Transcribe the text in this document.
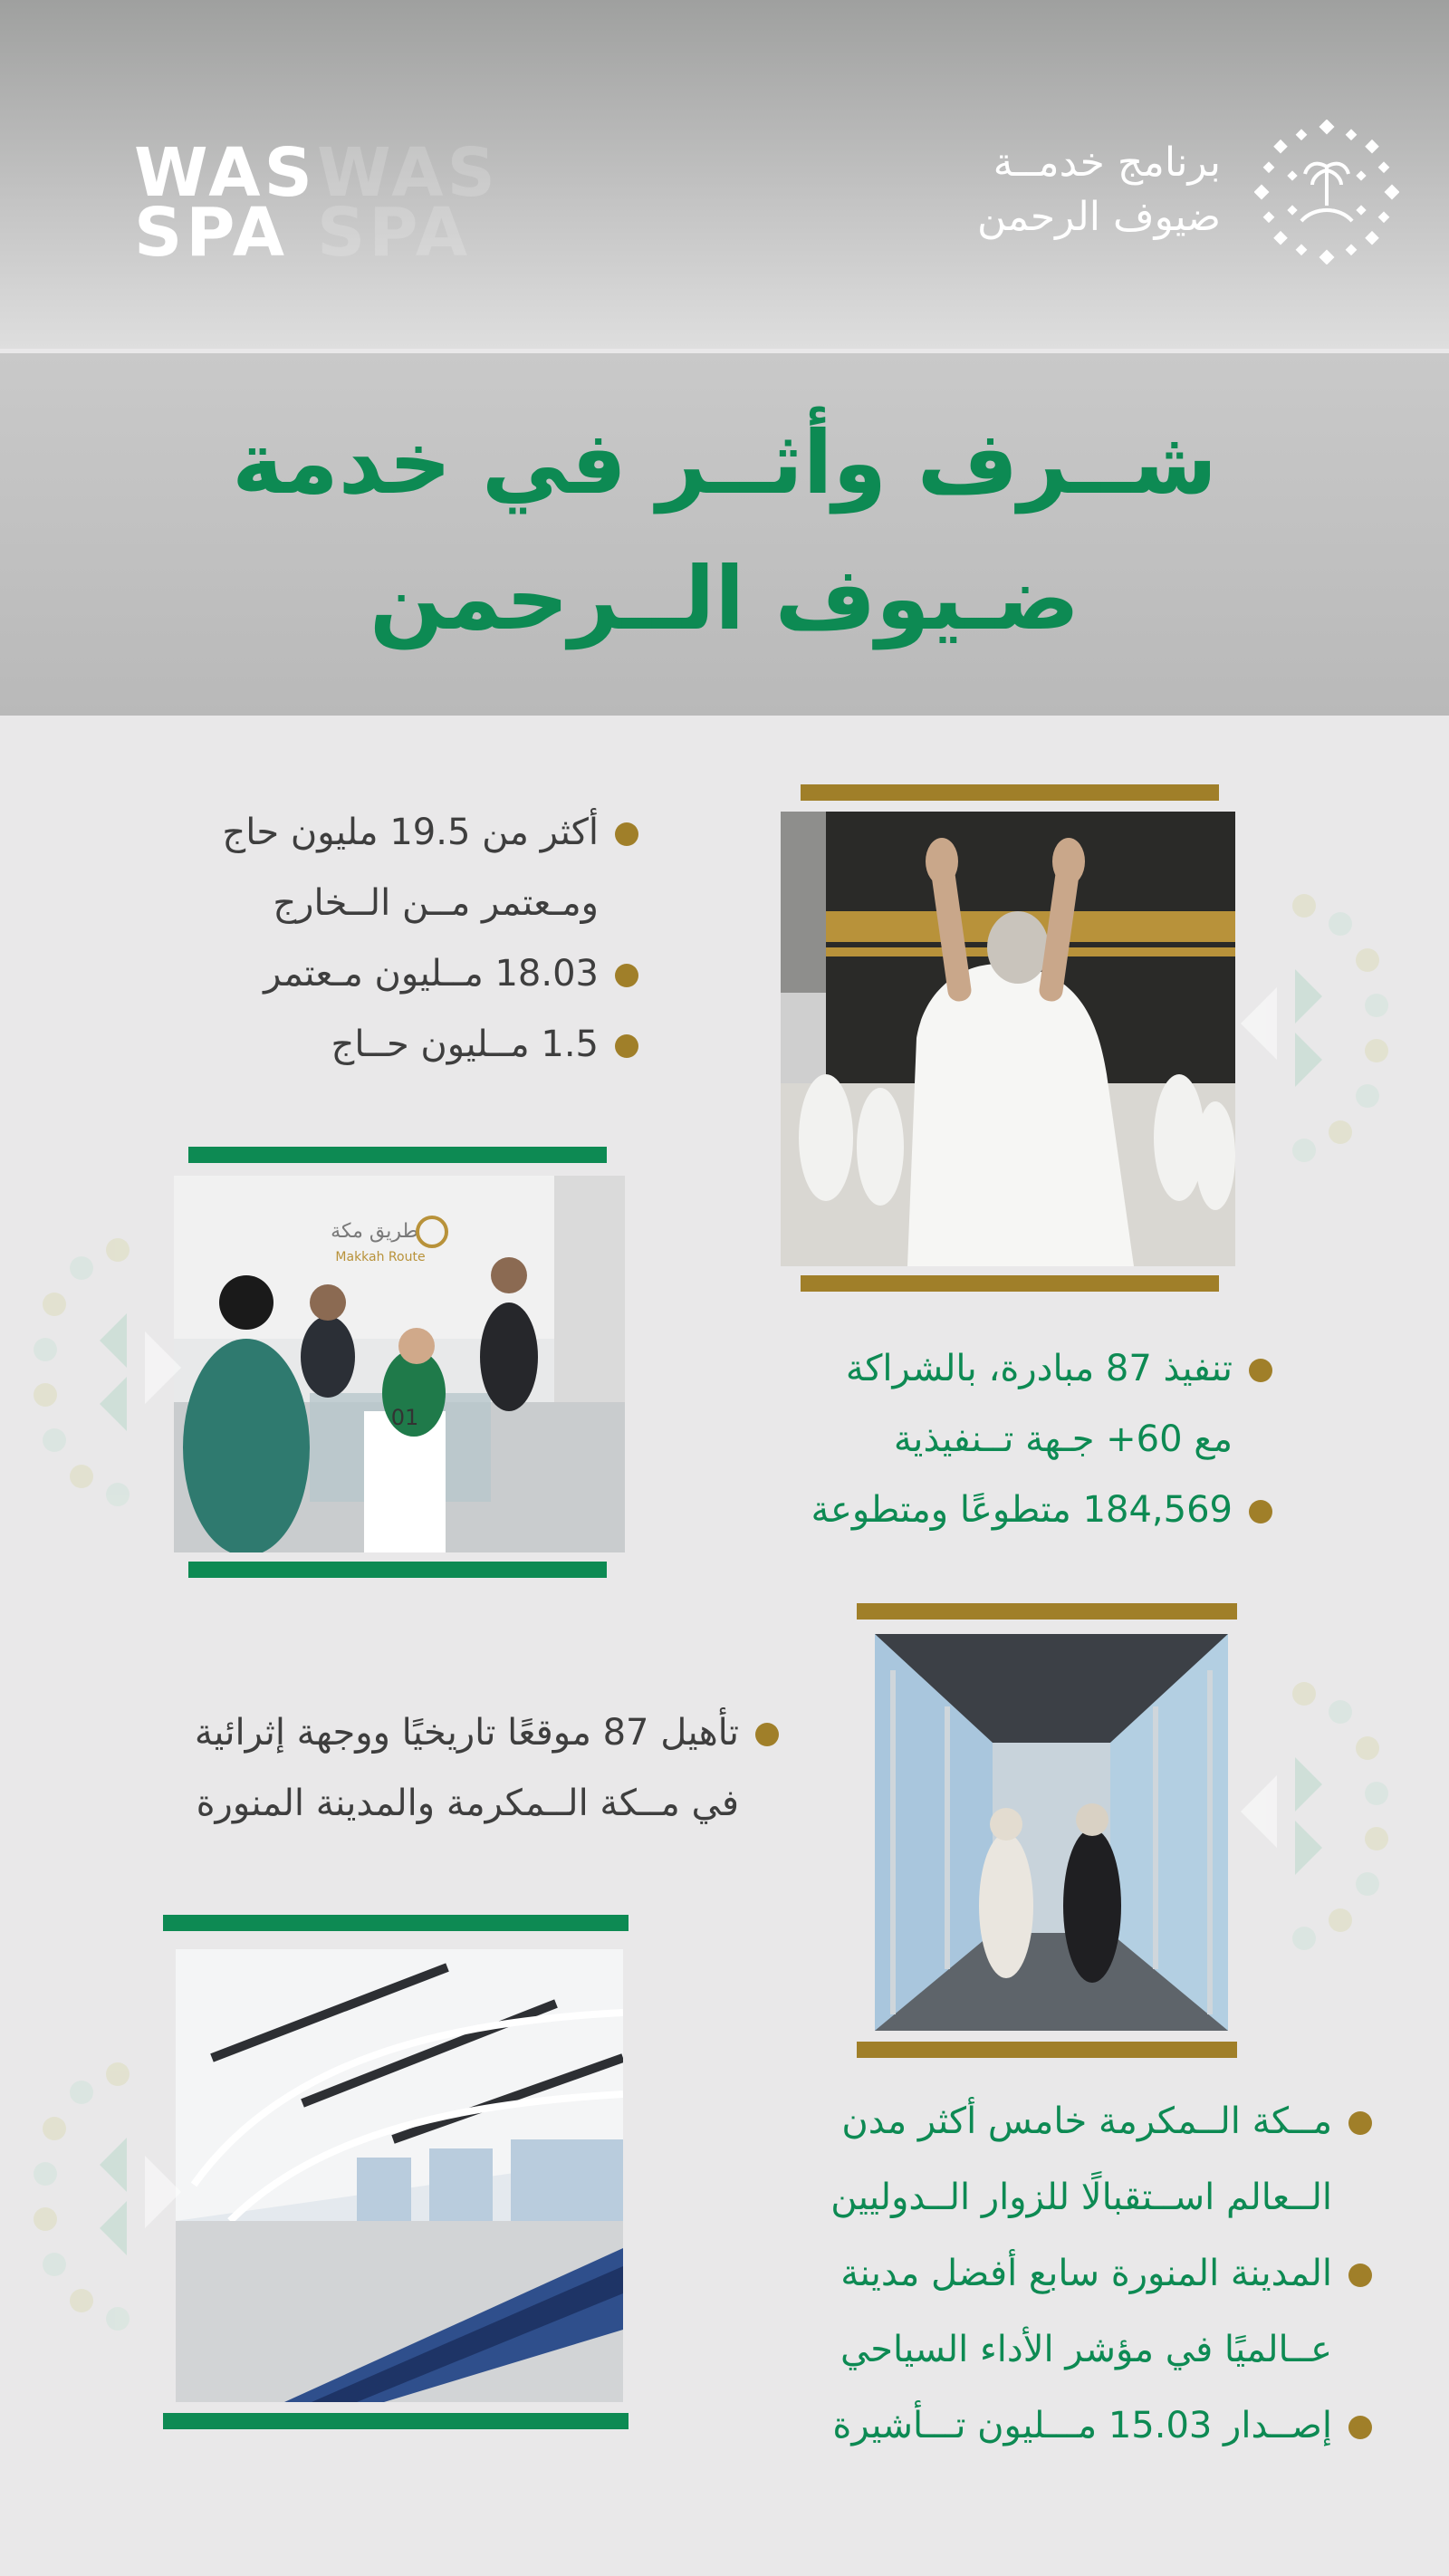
WAS
SPA
WAS
SPA
برنامج خدمــة
ضيوف الرحمن
شــرف وأثــر في خدمة
ضـيوف الــرحمن
أكثر من 19.5 مليون حاج
ومـعتمر مــن الــخارج
18.03 مــليون مـعتمر
1.5 مــليون حــاج
طريق مكة
Makkah Route
01
تنفيذ 87 مبادرة، بالشراكة
مع 60+ جـهة تــنفيذية
184,569 متطوعًا ومتطوعة
تأهيل 87 موقعًا تاريخيًا ووجهة إثرائية
في مــكة الــمكرمة والمدينة المنورة
مــكة الــمكرمة خامس أكثر مدن
الــعالم اســتقبالًا للزوار الــدوليين
المدينة المنورة سابع أفضل مدينة
عــالميًا في مؤشر الأداء السياحي
إصــدار 15.03 مـــليون تـــأشيرة
